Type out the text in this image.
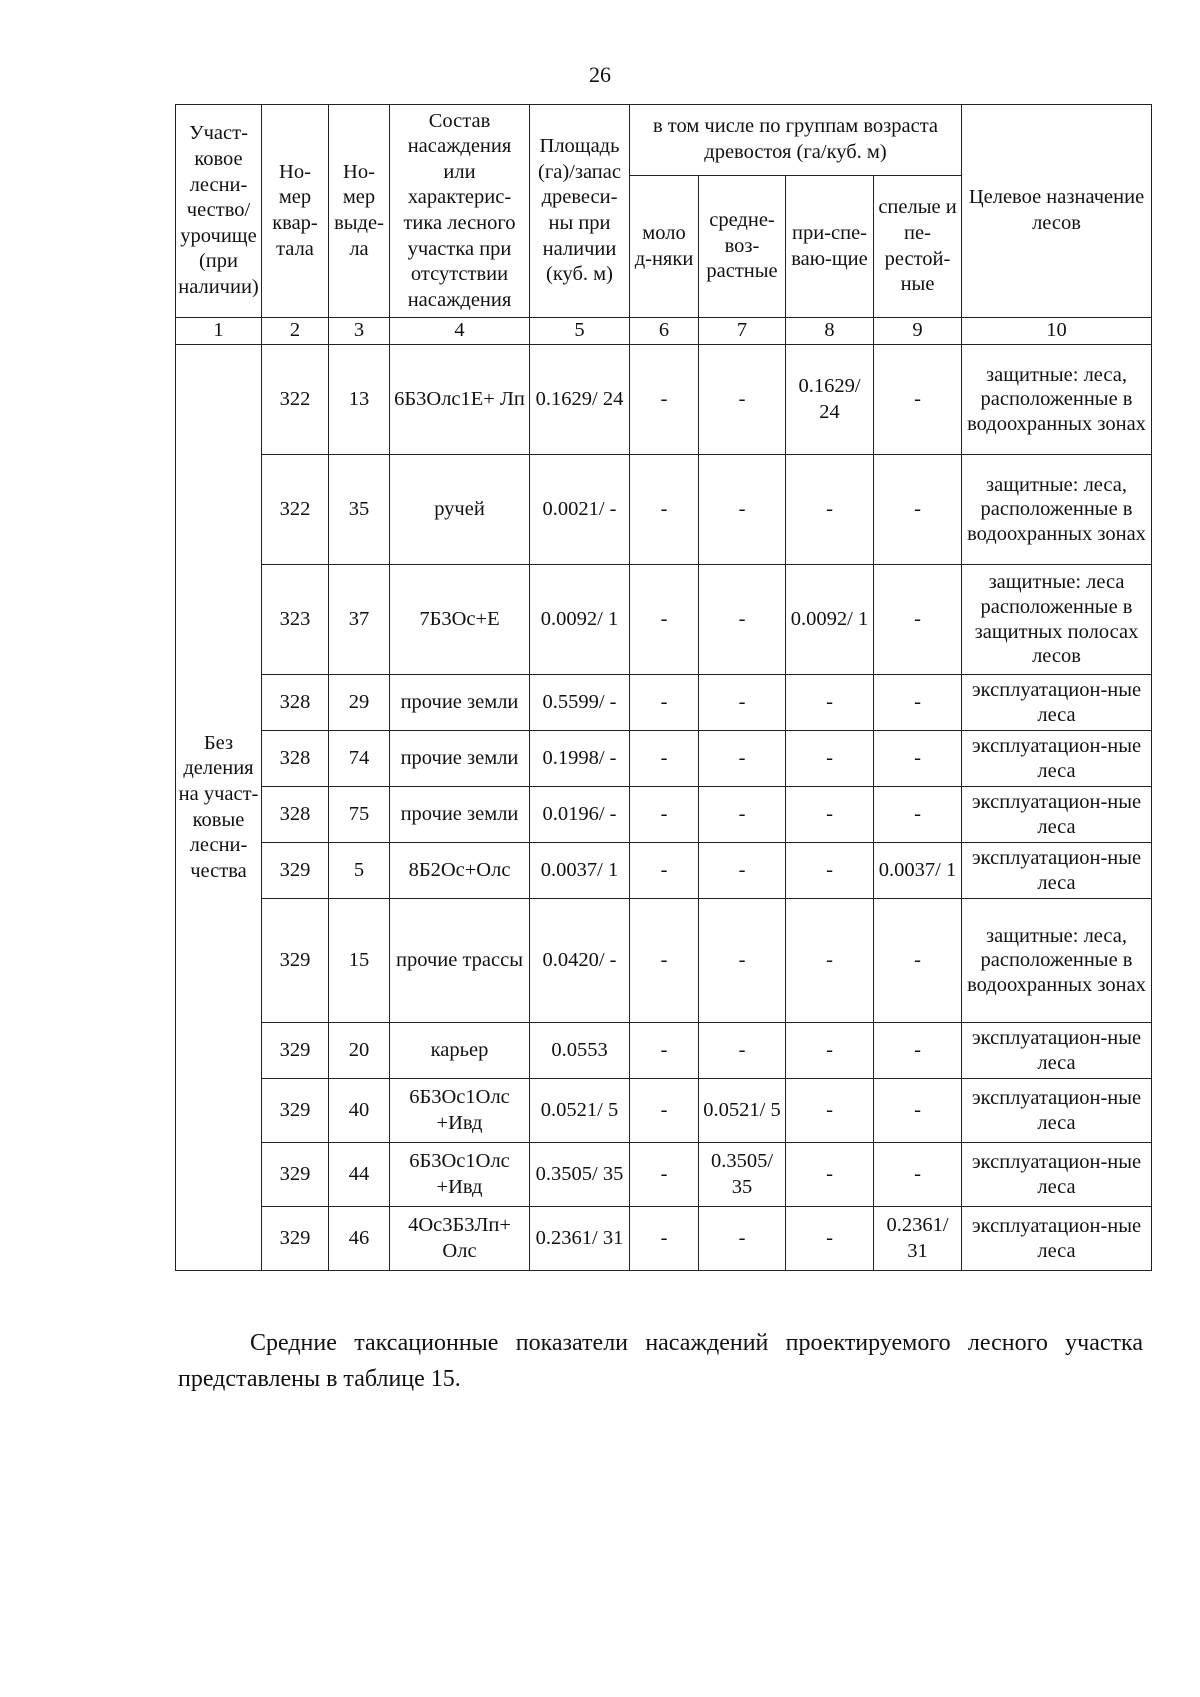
26
Участ-ковое лесни-чество/ урочище (при наличии)	Но-мер квар-тала	Но-мер выде-ла	Состав насаждения или характерис-тика лесного участка при отсутствии насаждения	Площадь (га)/запас древеси-ны при наличии (куб. м)	в том числе по группам возраста древостоя (га/куб. м)				Целевое назначение лесов
					моло д-няки	средне-воз-растные	при-спе-ваю-щие	спелые и пе-рестой-ные	
1	2	3	4	5	6	7	8	9	10
Без деления на участ-ковые лесни-чества	322	13	6Б3Олс1Е+ Лп	0.1629/ 24	-	-	0.1629/ 24	-	защитные: леса, расположенные в водоохранных зонах
	322	35	ручей	0.0021/ -	-	-	-	-	защитные: леса, расположенные в водоохранных зонах
	323	37	7Б3Ос+Е	0.0092/ 1	-	-	0.0092/ 1	-	защитные: леса расположенные в защитных полосах лесов
	328	29	прочие земли	0.5599/ -	-	-	-	-	эксплуатацион-ные леса
	328	74	прочие земли	0.1998/ -	-	-	-	-	эксплуатацион-ные леса
	328	75	прочие земли	0.0196/ -	-	-	-	-	эксплуатацион-ные леса
	329	5	8Б2Ос+Олс	0.0037/ 1	-	-	-	0.0037/ 1	эксплуатацион-ные леса
	329	15	прочие трассы	0.0420/ -	-	-	-	-	защитные: леса, расположенные в водоохранных зонах
	329	20	карьер	0.0553	-	-	-	-	эксплуатацион-ные леса
	329	40	6Б3Ос1Олс +Ивд	0.0521/ 5	-	0.0521/ 5	-	-	эксплуатацион-ные леса
	329	44	6Б3Ос1Олс +Ивд	0.3505/ 35	-	0.3505/ 35	-	-	эксплуатацион-ные леса
	329	46	4Ос3Б3Лп+ Олс	0.2361/ 31	-	-	-	0.2361/ 31	эксплуатацион-ные леса
Средние таксационные показатели насаждений проектируемого лесного участка представлены в таблице 15.
